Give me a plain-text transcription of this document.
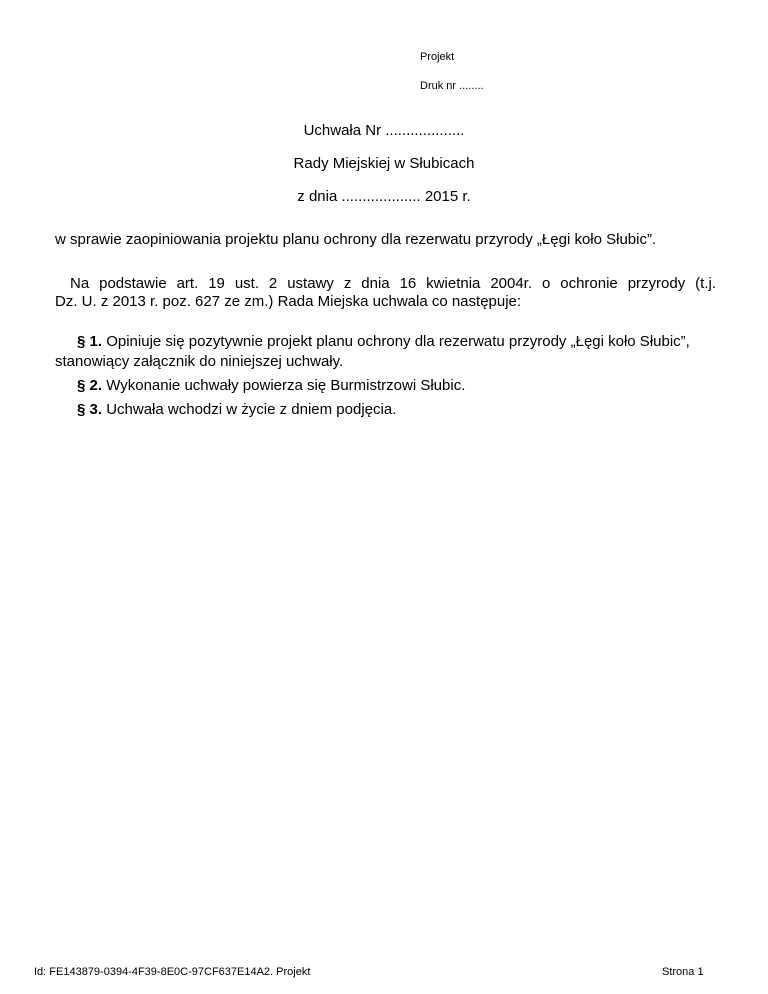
Projekt
Druk nr ........
Uchwała Nr ...................
Rady Miejskiej w Słubicach
z dnia ................... 2015 r.
w sprawie zaopiniowania projektu planu ochrony dla rezerwatu przyrody „Łęgi koło Słubic”.
Na podstawie art. 19 ust. 2 ustawy z dnia 16 kwietnia 2004r. o ochronie przyrody (t.j.
Dz. U. z 2013 r. poz. 627 ze zm.) Rada Miejska uchwala co następuje:
§ 1. Opiniuje się pozytywnie projekt planu ochrony dla rezerwatu przyrody „Łęgi koło Słubic”,
stanowiący załącznik do niniejszej uchwały.
§ 2. Wykonanie uchwały powierza się Burmistrzowi Słubic.
§ 3. Uchwała wchodzi w życie z dniem podjęcia.
Id: FE143879-0394-4F39-8E0C-97CF637E14A2. Projekt	Strona 1
